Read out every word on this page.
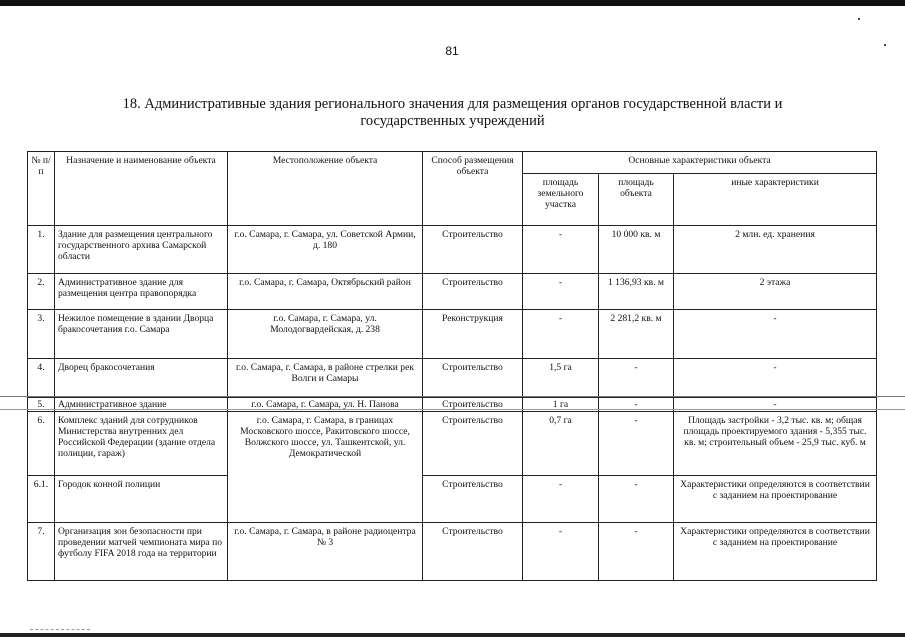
81
18. Административные здания регионального значения для размещения органов государственной власти и государственных учреждений
№ п/п	Назначение и наименование объекта	Местоположение объекта	Способ размещения объекта	Основные характеристики объекта		
				площадь земельного участка	площадь объекта	иные характеристики
1.	Здание для размещения центрального государственного архива Самарской области	г.о. Самара, г. Самара, ул. Советской Армии, д. 180	Строительство	-	10 000 кв. м	2 млн. ед. хранения
2.	Административное здание для размещения центра правопорядка	г.о. Самара, г. Самара, Октябрьский район	Строительство	-	1 136,93 кв. м	2 этажа
3.	Нежилое помещение в здании Дворца бракосочетания г.о. Самара	г.о. Самара, г. Самара, ул. Молодогвардейская, д. 238	Реконструкция	-	2 281,2 кв. м	-
4.	Дворец бракосочетания	г.о. Самара, г. Самара, в районе стрелки рек Волги и Самары	Строительство	1,5 га	-	-
5.	Административное здание	г.о. Самара, г. Самара, ул. Н. Панова	Строительство	1 га	-	-
6.	Комплекс зданий для сотрудников Министерства внутренних дел Российской Федерации (здание отдела полиции, гараж)	г.о. Самара, г. Самара, в границах Московского шоссе, Ракитовского шоссе, Волжского шоссе, ул. Ташкентской, ул. Демократической	Строительство	0,7 га	-	Площадь застройки - 3,2 тыс. кв. м; общая площадь проектируемого здания - 5,355 тыс. кв. м; строительный объем - 25,9 тыс. куб. м
6.1.	Городок конной полиции		Строительство	-	-	Характеристики определяются в соответствии с заданием на проектирование
7.	Организация зон безопасности при проведении матчей чемпионата мира по футболу FIFA 2018 года на территории	г.о. Самара, г. Самара, в районе радиоцентра № 3	Строительство	-	-	Характеристики определяются в соответствии с заданием на проектирование
